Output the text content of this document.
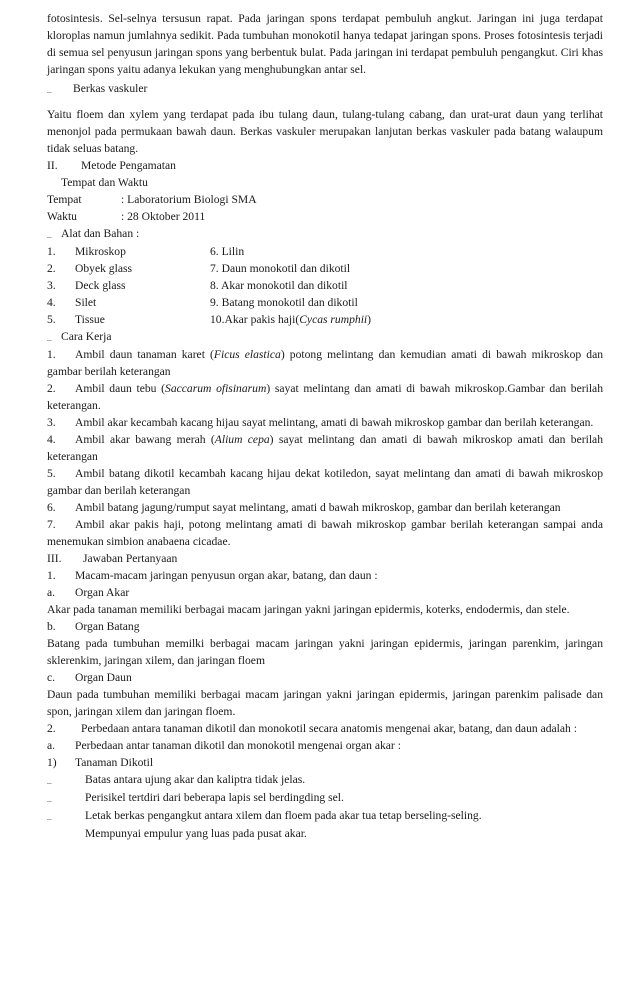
fotosintesis. Sel-selnya tersusun rapat. Pada jaringan spons terdapat pembuluh angkut. Jaringan ini juga terdapat kloroplas namun jumlahnya sedikit. Pada tumbuhan monokotil hanya tedapat jaringan spons. Proses fotosintesis terjadi di semua sel penyusun jaringan spons yang berbentuk bulat. Pada jaringan ini terdapat pembuluh pengangkut. Ciri khas jaringan spons yaitu adanya lekukan yang menghubungkan antar sel.

_	Berkas vaskuler

Yaitu floem dan xylem yang terdapat pada ibu tulang daun, tulang-tulang cabang, dan urat-urat daun yang terlihat menonjol pada permukaan bawah daun. Berkas vaskuler merupakan lanjutan berkas vaskuler pada batang walaupum tidak seluas batang.

II.	Metode Pengamatan
Tempat dan Waktu
Tempat	: Laboratorium Biologi SMA
Waktu	: 28 Oktober 2011
_ Alat dan Bahan :
1.	Mikroskop	6. Lilin
2.	Obyek glass	7. Daun monokotil dan dikotil
3.	Deck glass	8. Akar monokotil dan dikotil
4.	Silet	9. Batang monokotil dan dikotil
5.	Tissue	10.Akar pakis haji(Cycas rumphii)
_ Cara Kerja

1. Ambil daun tanaman karet (Ficus elastica) potong melintang dan kemudian amati di bawah mikroskop dan gambar berilah keterangan

2. Ambil daun tebu (Saccarum ofisinarum) sayat melintang dan amati di bawah mikroskop.Gambar dan berilah keterangan.

3. Ambil akar kecambah kacang hijau sayat melintang, amati di bawah mikroskop gambar dan berilah keterangan.

4. Ambil akar bawang merah (Alium cepa) sayat melintang dan amati di bawah mikroskop amati dan berilah keterangan

5. Ambil batang dikotil kecambah kacang hijau dekat kotiledon, sayat melintang dan amati di bawah mikroskop gambar dan berilah keterangan

6. Ambil batang jagung/rumput sayat melintang, amati d bawah mikroskop, gambar dan berilah keterangan

7. Ambil akar pakis haji, potong melintang amati di bawah mikroskop gambar berilah keterangan sampai anda menemukan simbion anabaena cicadae.

III.	Jawaban Pertanyaan
1.	Macam-macam jaringan penyusun organ akar, batang, dan daun :
a.	Organ Akar

Akar pada tanaman memiliki berbagai macam jaringan yakni jaringan epidermis, koterks, endodermis, dan stele.

b.	Organ Batang

Batang pada tumbuhan memilki berbagai macam jaringan yakni jaringan epidermis, jaringan parenkim, jaringan sklerenkim, jaringan xilem, dan jaringan floem

c.	Organ Daun

Daun pada tumbuhan memiliki berbagai macam jaringan yakni jaringan epidermis, jaringan parenkim palisade dan spon, jaringan xilem dan jaringan floem.

2. Perbedaan antara tanaman dikotil dan monokotil secara anatomis mengenai akar, batang, dan daun adalah :

a.	Perbedaan antar tanaman dikotil dan monokotil mengenai organ akar :
1)	Tanaman Dikotil
_	Batas antara ujung akar dan kaliptra tidak jelas.
_	Perisikel tertdiri dari beberapa lapis sel berdingding sel.
_	Letak berkas pengangkut antara xilem dan floem pada akar tua tetap berseling-seling.
Mempunyai empulur yang luas pada pusat akar.
